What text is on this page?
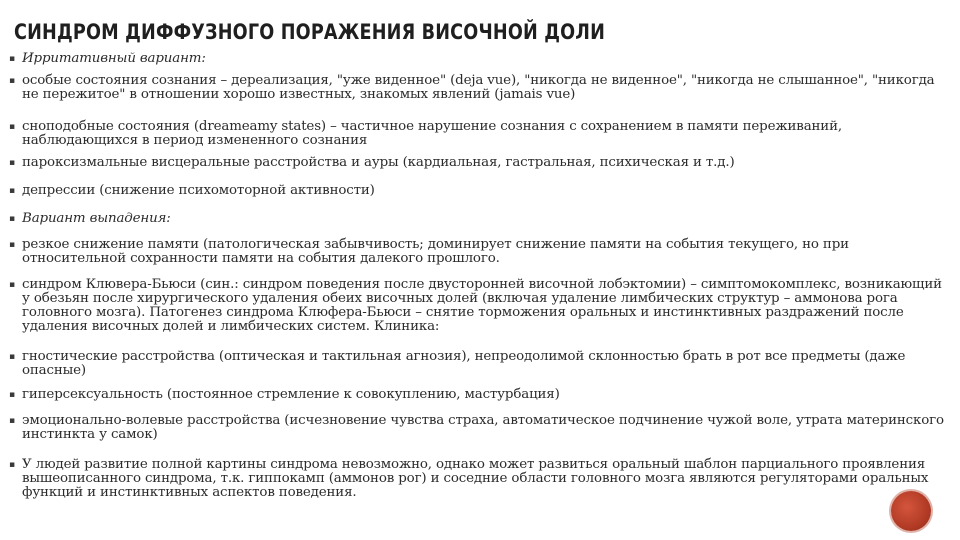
СИНДРОМ ДИФФУЗНОГО ПОРАЖЕНИЯ ВИСОЧНОЙ ДОЛИ
▪ Ирритативный вариант:
▪ особые состояния сознания – дереализация, "уже виденное" (deja vue), "никогда не виденное", "никогда не слышанное", "никогда не пережитое" в отношении хорошо известных, знакомых явлений (jamais vue)
▪ сноподобные состояния (dreameamy states) – частичное нарушение сознания с сохранением в памяти переживаний, наблюдающихся в период измененного сознания
▪ пароксизмальные висцеральные расстройства и ауры (кардиальная, гастральная, психическая и т.д.)
▪ депрессии (снижение психомоторной активности)
▪ Вариант выпадения:
▪ резкое снижение памяти (патологическая забывчивость; доминирует снижение памяти на события текущего, но при относительной сохранности памяти на события далекого прошлого.
▪ синдром Клювера-Бьюси (син.: синдром поведения после двусторонней височной лобэктомии) – симптомокомплекс, возникающий у обезьян после хирургического удаления обеих височных долей (включая удаление лимбических структур – аммонова рога головного мозга). Патогенез синдрома Клюфера-Бьюси – снятие торможения оральных и инстинктивных раздражений после удаления височных долей и лимбических систем. Клиника:
▪ гностические расстройства (оптическая и тактильная агнозия), непреодолимой склонностью брать в рот все предметы (даже опасные)
▪ гиперсексуальность (постоянное стремление к совокуплению, мастурбация)
▪ эмоционально-волевые расстройства (исчезновение чувства страха, автоматическое подчинение чужой воле, утрата материнского инстинкта у самок)
▪ У людей развитие полной картины синдрома невозможно, однако может развиться оральный шаблон парциального проявления вышеописанного синдрома, т.к. гиппокамп (аммонов рог) и соседние области головного мозга являются регуляторами оральных функций и инстинктивных аспектов поведения.
